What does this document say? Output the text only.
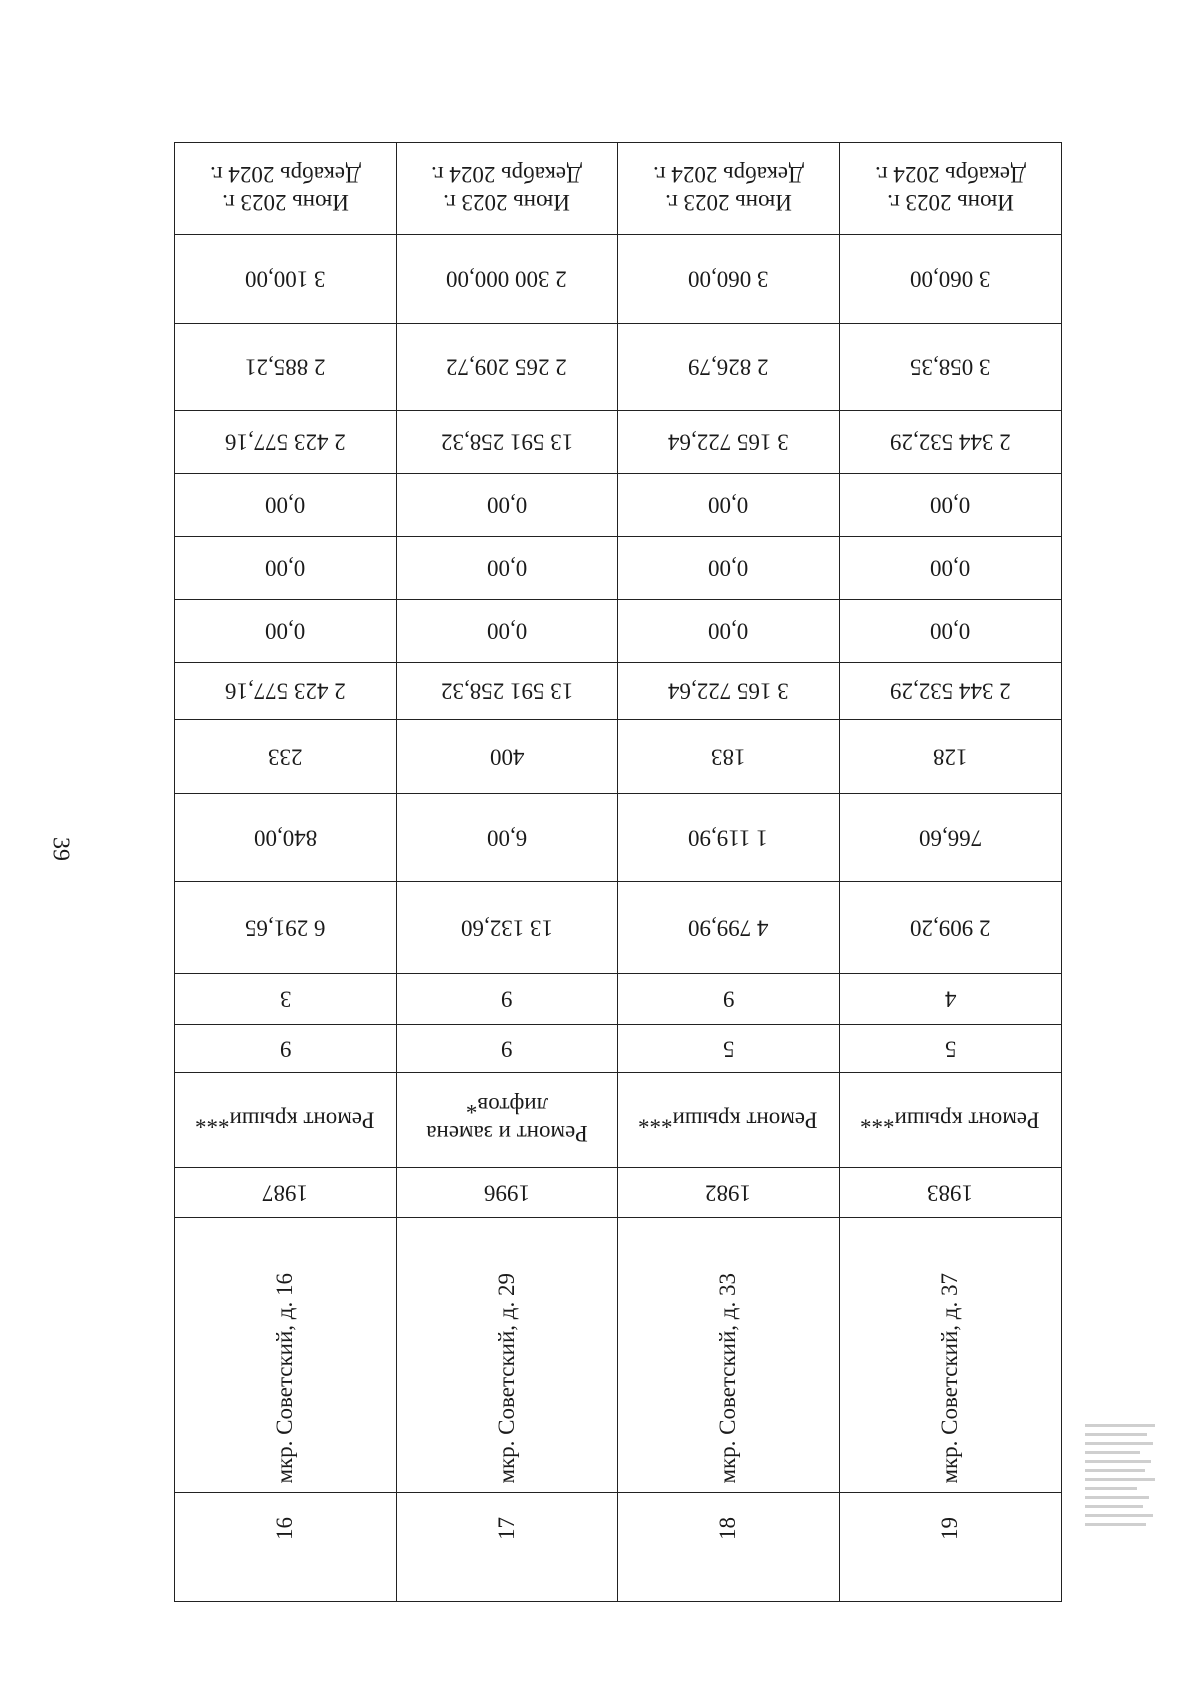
39
Июнь 2023 г.
Декабрь 2024 г.
3 100,00
2 885,21
2 423 577,16
0,00
0,00
0,00
2 423 577,16
233
840,00
6 291,65
3
9
Ремонт крыши***
1987
мкр. Советский, д. 16
16
Июнь 2023 г.
Декабрь 2024 г.
2 300 000,00
2 265 209,72
13 591 258,32
0,00
0,00
0,00
13 591 258,32
400
6,00
13 132,60
9
9
Ремонт и замена лифтов*
1996
мкр. Советский, д. 29
17
Июнь 2023 г.
Декабрь 2024 г.
3 060,00
2 826,79
3 165 722,64
0,00
0,00
0,00
3 165 722,64
183
1 119,90
4 799,90
9
5
Ремонт крыши***
1982
мкр. Советский, д. 33
18
Июнь 2023 г.
Декабрь 2024 г.
3 060,00
3 058,35
2 344 532,29
0,00
0,00
0,00
2 344 532,29
128
766,60
2 909,20
4
5
Ремонт крыши***
1983
мкр. Советский, д. 37
19
